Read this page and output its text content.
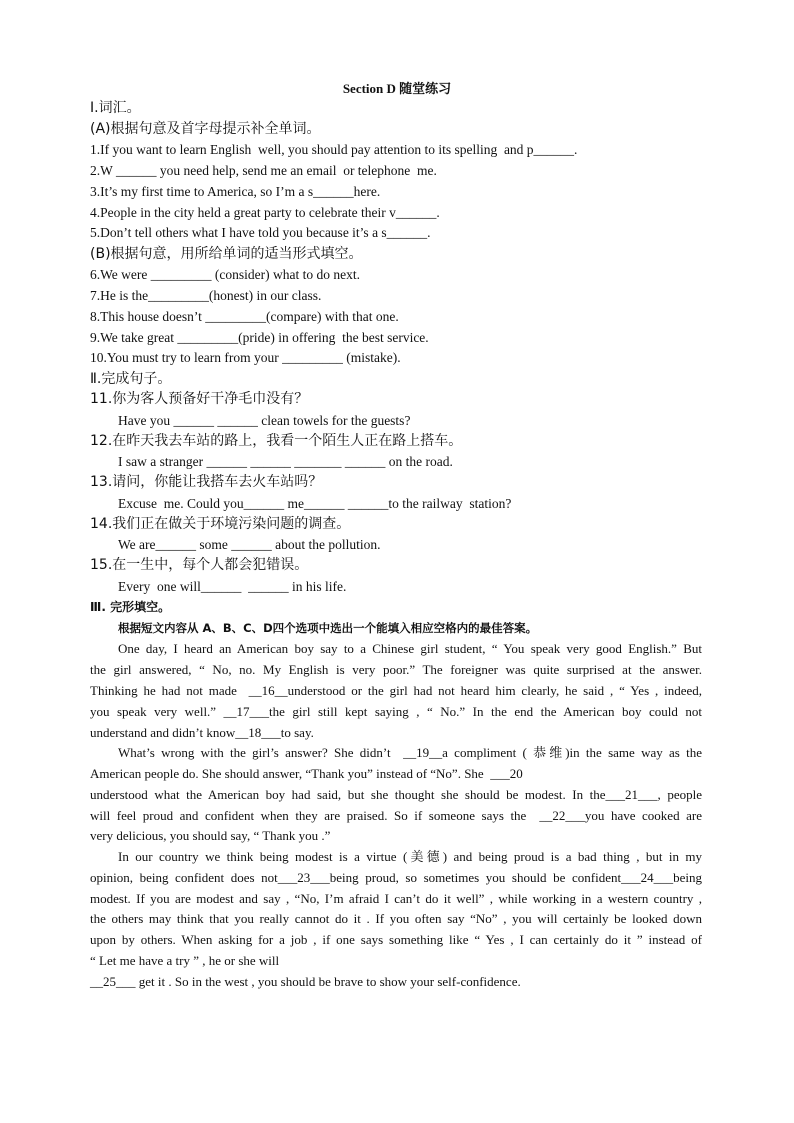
Section D 随堂练习
Ⅰ.词汇。
(A)根据句意及首字母提示补全单词。
1.If you want to learn English  well, you should pay attention to its spelling  and p______.
2.W ______ you need help, send me an email  or telephone  me.
3.It’s my first time to America, so I’m a s______here.
4.People in the city held a great party to celebrate their v______.
5.Don’t tell others what I have told you because it’s a s______.
(B)根据句意，用所给单词的适当形式填空。
6.We were _________ (consider) what to do next.
7.He is the_________(honest) in our class.
8.This house doesn’t _________(compare) with that one.
9.We take great _________(pride) in offering  the best service.
10.You must try to learn from your _________ (mistake).
Ⅱ.完成句子。
11.你为客人预备好干净毛巾没有？
Have you ______ ______ clean towels for the guests?
12.在昨天我去车站的路上，我看一个陌生人正在路上搭车。
I saw a stranger ______ ______ _______ ______ on the road.
13.请问，你能让我搭车去火车站吗？
Excuse  me. Could you______ me______ ______to the railway  station?
14.我们正在做关于环境污染问题的调查。
We are______ some ______ about the pollution.
15.在一生中，每个人都会犯错误。
Every  one will______  ______ in his life.
Ⅲ. 完形填空。
根据短文内容从 A、B、C、D四个选项中选出一个能填入相应空格内的最佳答案。
One day, I heard an American boy say to a Chinese girl student, “ You speak very good English.” But
the girl answered, “ No, no. My English is very poor.” The foreigner was quite surprised at the answer.
Thinking he had not made  __16__understood or the girl had not heard him clearly, he said , “ Yes , indeed,
you speak very well.” __17___the girl still kept saying , “ No.” In the end the American boy could not
understand and didn’t know__18___to say.
What’s wrong with the girl’s answer? She didn’t  __19__a compliment ( 恭维)in the same way as the
American people do. She should answer, “Thank you” instead of “No”. She  ___20
understood what the American boy had said, but she thought she should be modest. In the___21___, people
will feel proud and confident when they are praised. So if someone says the  __22___you have cooked are
very delicious, you should say, “ Thank you .”
In our country we think being modest is a virtue (美德) and being proud is a bad thing , but in my
opinion, being confident does not___23___being proud, so sometimes you should be confident___24___being
modest. If you are modest and say , “No, I’m afraid I can’t do it well” , while working in a western country ,
the others may think that you really cannot do it . If you often say “No” , you will certainly be looked down
upon by others. When asking for a job , if one says something like “ Yes , I can certainly do it ” instead of
“ Let me have a try ” , he or she will
__25___ get it . So in the west , you should be brave to show your self-confidence.
